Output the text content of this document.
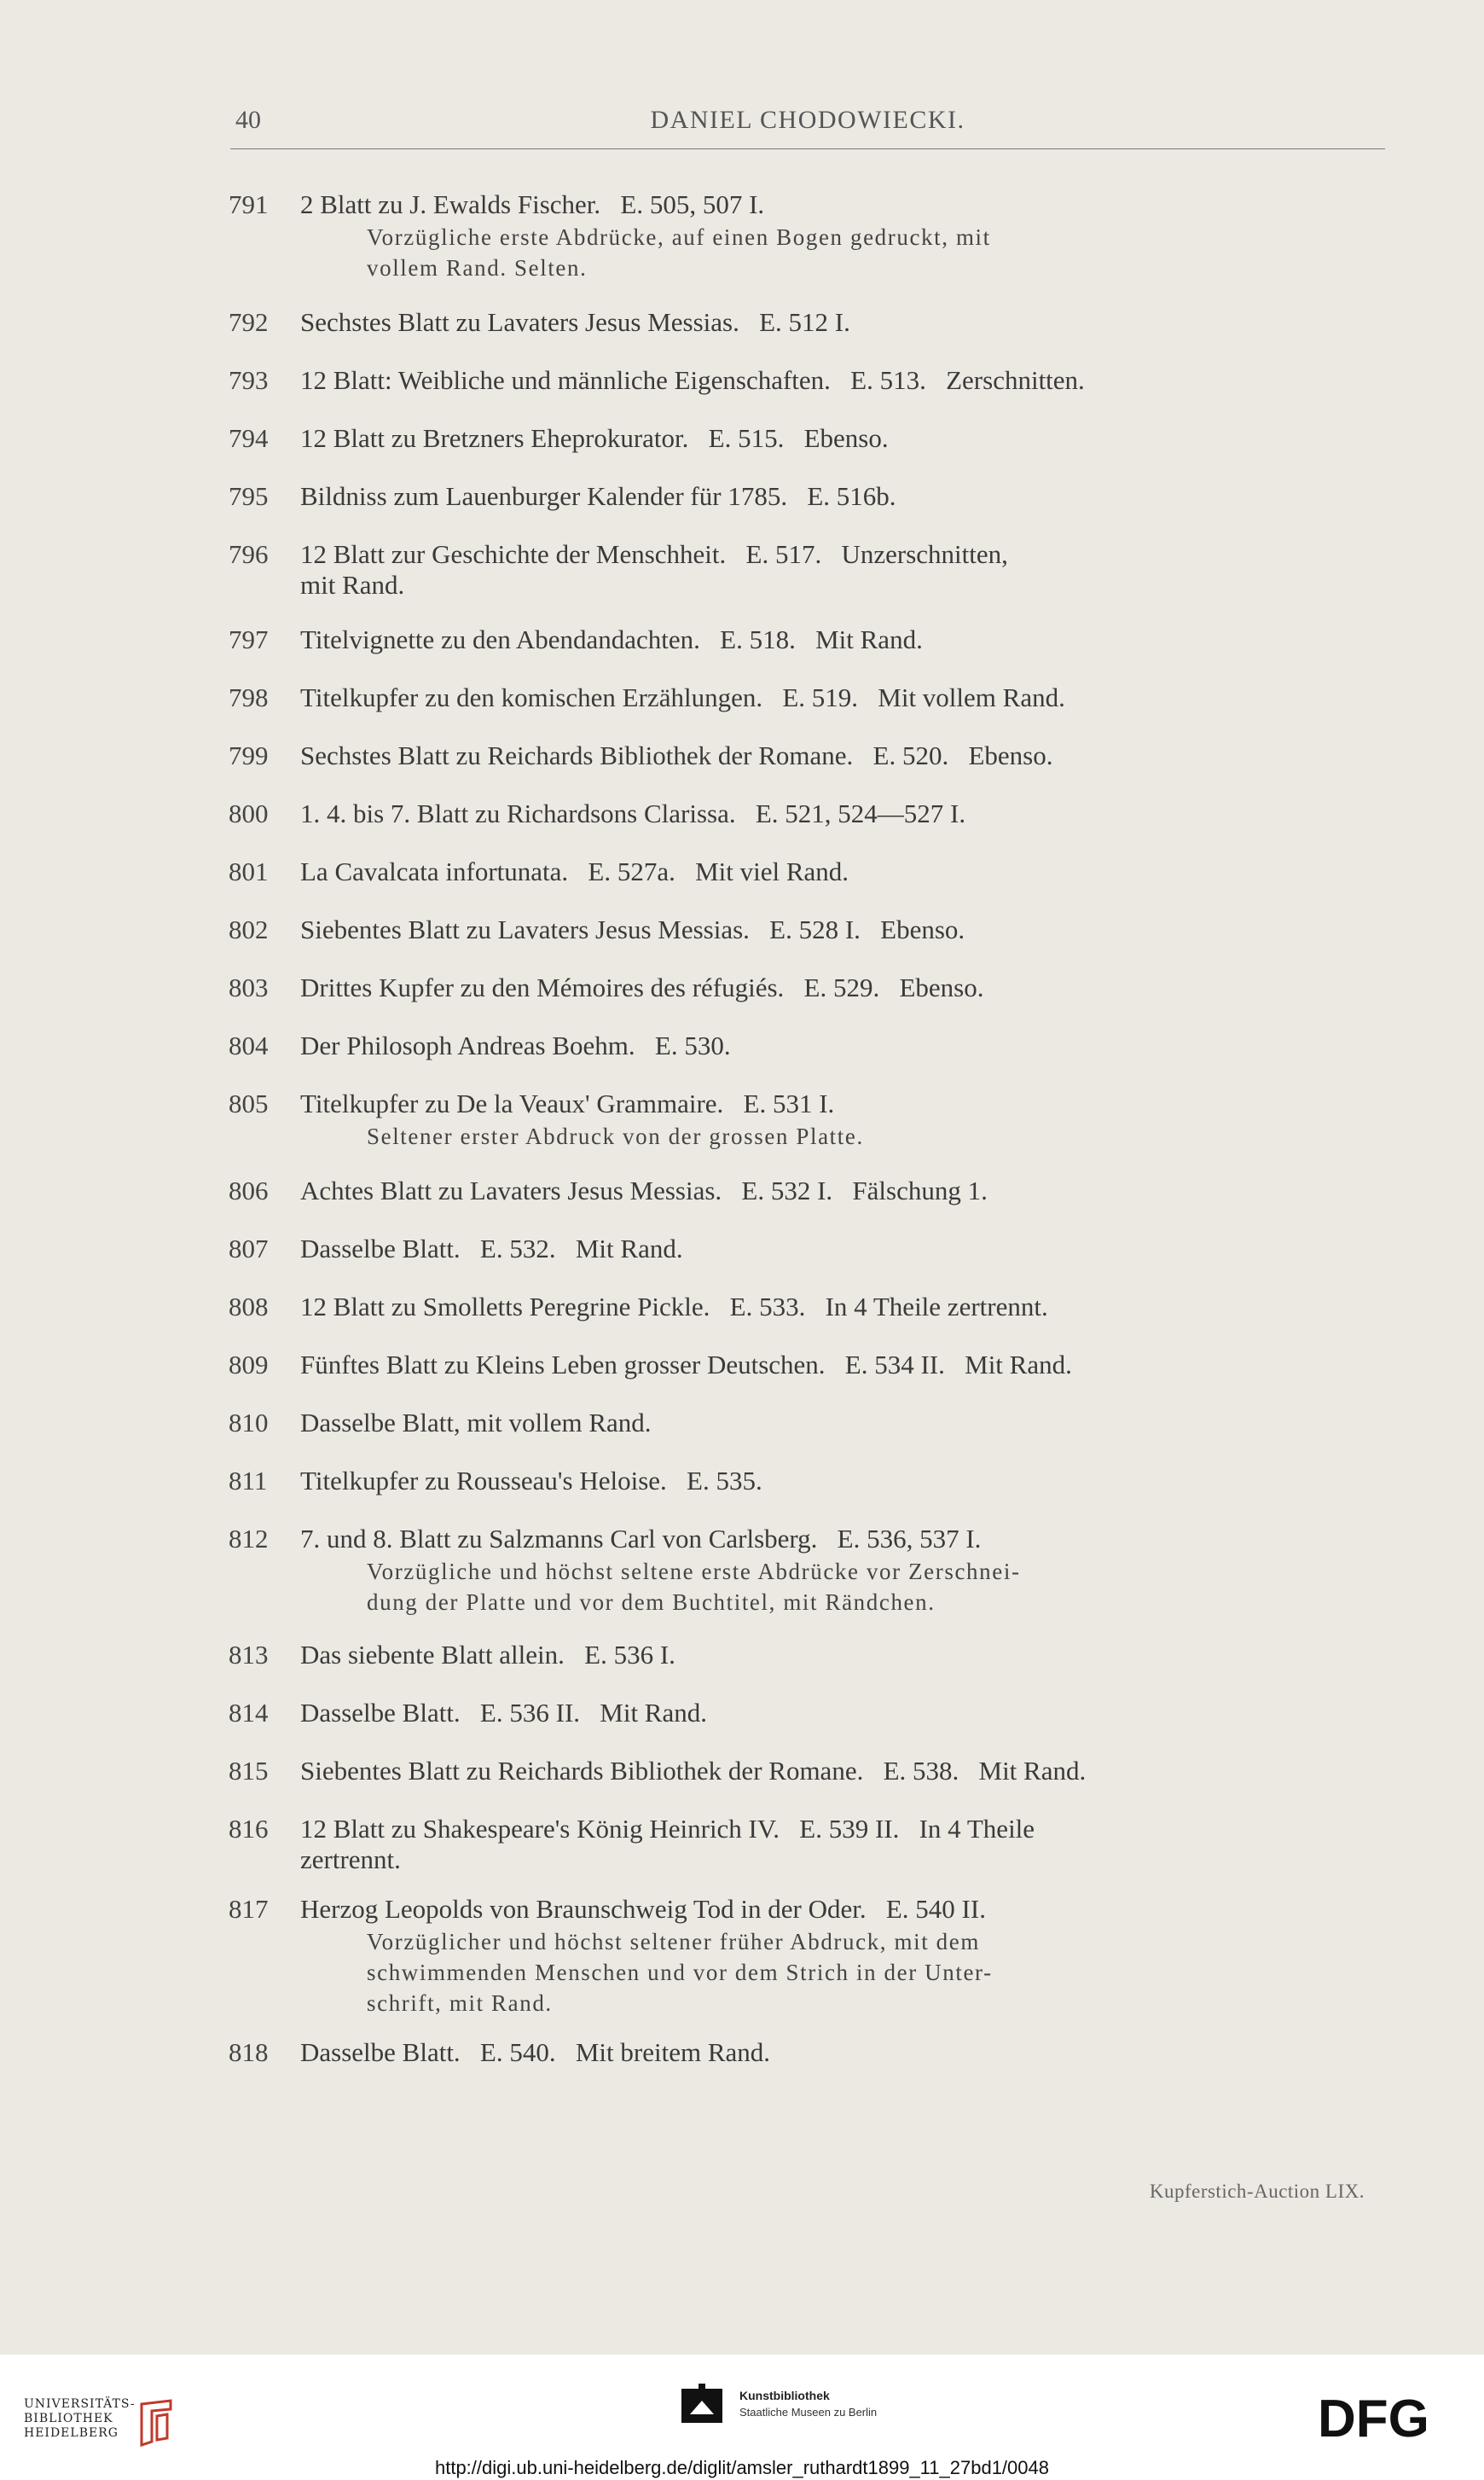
40	DANIEL CHODOWIECKI.
791	2 Blatt zu J. Ewalds Fischer.   E. 505, 507 I.
Vorzügliche erste Abdrücke, auf einen Bogen gedruckt, mit
vollem Rand. Selten.
792	Sechstes Blatt zu Lavaters Jesus Messias.   E. 512 I.
793	12 Blatt: Weibliche und männliche Eigenschaften.   E. 513.   Zerschnitten.
794	12 Blatt zu Bretzners Eheprokurator.   E. 515.   Ebenso.
795	Bildniss zum Lauenburger Kalender für 1785.   E. 516b.
796	12 Blatt zur Geschichte der Menschheit.   E. 517.   Unzerschnitten,
mit Rand.
797	Titelvignette zu den Abendandachten.   E. 518.   Mit Rand.
798	Titelkupfer zu den komischen Erzählungen.   E. 519.   Mit vollem Rand.
799	Sechstes Blatt zu Reichards Bibliothek der Romane.   E. 520.   Ebenso.
800	1. 4. bis 7. Blatt zu Richardsons Clarissa.   E. 521, 524—527 I.
801	La Cavalcata infortunata.   E. 527a.   Mit viel Rand.
802	Siebentes Blatt zu Lavaters Jesus Messias.   E. 528 I.   Ebenso.
803	Drittes Kupfer zu den Mémoires des réfugiés.   E. 529.   Ebenso.
804	Der Philosoph Andreas Boehm.   E. 530.
805	Titelkupfer zu De la Veaux' Grammaire.   E. 531 I.
Seltener erster Abdruck von der grossen Platte.
806	Achtes Blatt zu Lavaters Jesus Messias.   E. 532 I.   Fälschung 1.
807	Dasselbe Blatt.   E. 532.   Mit Rand.
808	12 Blatt zu Smolletts Peregrine Pickle.   E. 533.   In 4 Theile zertrennt.
809	Fünftes Blatt zu Kleins Leben grosser Deutschen.   E. 534 II.   Mit Rand.
810	Dasselbe Blatt, mit vollem Rand.
811	Titelkupfer zu Rousseau's Heloise.   E. 535.
812	7. und 8. Blatt zu Salzmanns Carl von Carlsberg.   E. 536, 537 I.
Vorzügliche und höchst seltene erste Abdrücke vor Zerschnei-
dung der Platte und vor dem Buchtitel, mit Rändchen.
813	Das siebente Blatt allein.   E. 536 I.
814	Dasselbe Blatt.   E. 536 II.   Mit Rand.
815	Siebentes Blatt zu Reichards Bibliothek der Romane.   E. 538.   Mit Rand.
816	12 Blatt zu Shakespeare's König Heinrich IV.   E. 539 II.   In 4 Theile
zertrennt.
817	Herzog Leopolds von Braunschweig Tod in der Oder.   E. 540 II.
Vorzüglicher und höchst seltener früher Abdruck, mit dem
schwimmenden Menschen und vor dem Strich in der Unter-
schrift, mit Rand.
818	Dasselbe Blatt.   E. 540.   Mit breitem Rand.
Kupferstich-Auction LIX.
UNIVERSITÄTS-
BIBLIOTHEK
HEIDELBERG
Kunstbibliothek
Staatliche Museen zu Berlin	DFG
http://digi.ub.uni-heidelberg.de/diglit/amsler_ruthardt1899_11_27bd1/0048
